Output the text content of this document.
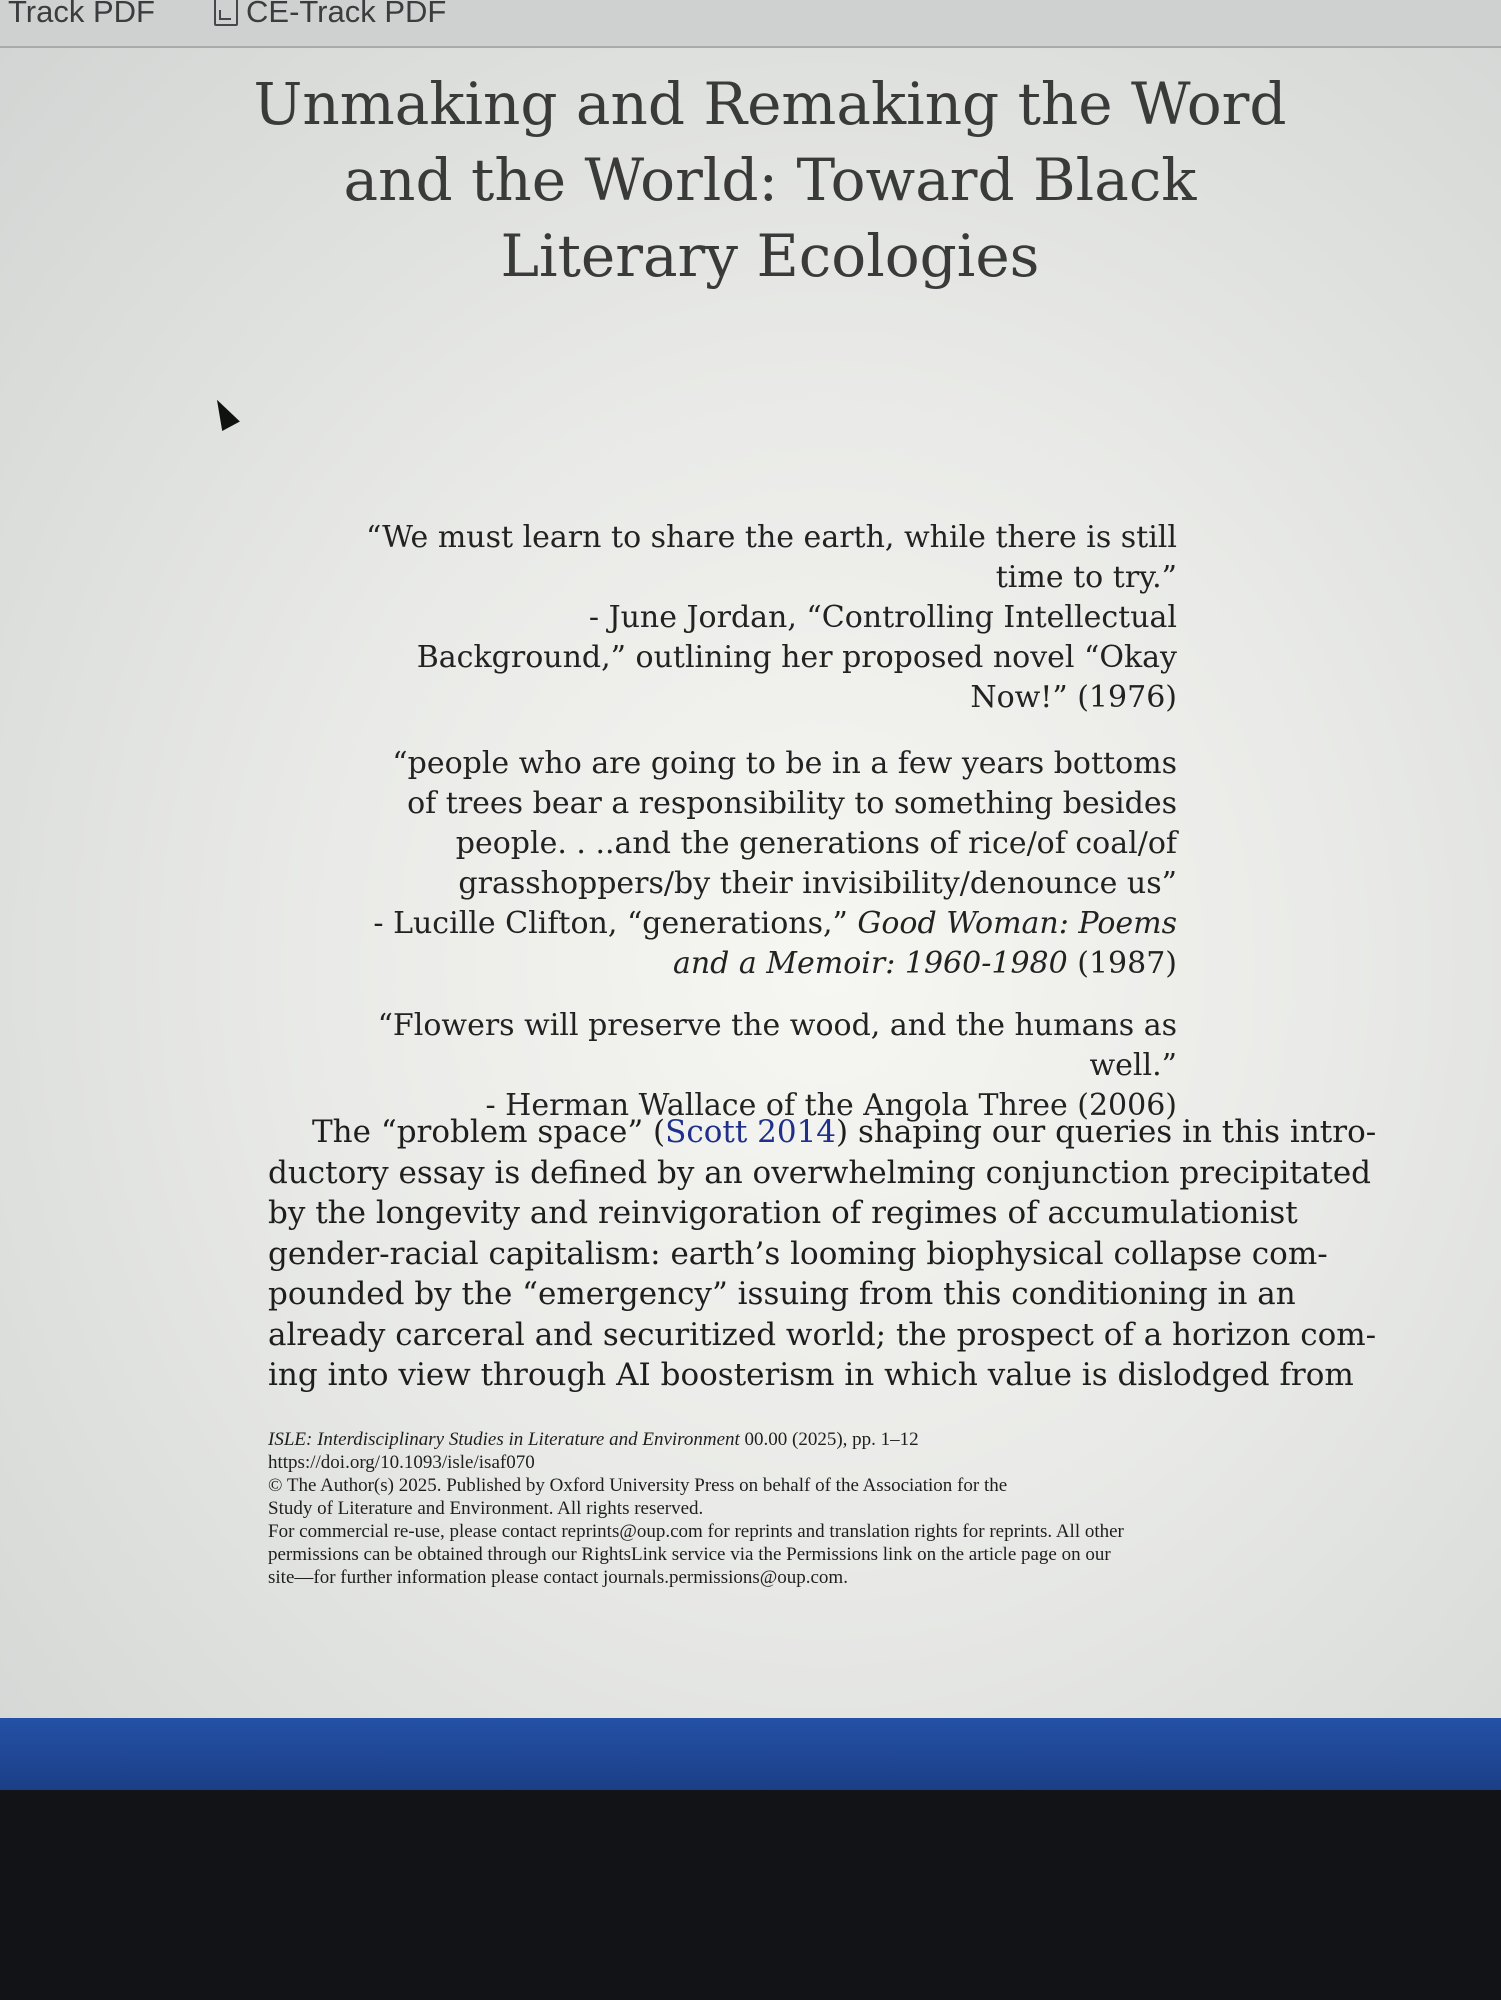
Track PDF	CE-Track PDF
Unmaking and Remaking the Word and the World: Toward Black Literary Ecologies

“We must learn to share the earth, while there is still

time to try.”

- June Jordan, “Controlling Intellectual

Background,” outlining her proposed novel “Okay

Now!” (1976)

“people who are going to be in a few years bottoms

of trees bear a responsibility to something besides

people. . ..and the generations of rice/of coal/of

grasshoppers/by their invisibility/denounce us”

- Lucille Clifton, “generations,” Good Woman: Poems

and a Memoir: 1960-1980 (1987)

“Flowers will preserve the wood, and the humans as well.”

- Herman Wallace of the Angola Three (2006)

The “problem space” (Scott 2014) shaping our queries in this intro-
ductory essay is defined by an overwhelming conjunction precipitated
by the longevity and reinvigoration of regimes of accumulationist
gender-racial capitalism: earth’s looming biophysical collapse com-
pounded by the “emergency” issuing from this conditioning in an
already carceral and securitized world; the prospect of a horizon com-
ing into view through AI boosterism in which value is dislodged from
ISLE: Interdisciplinary Studies in Literature and Environment 00.00 (2025), pp. 1–12
https://doi.org/10.1093/isle/isaf070
© The Author(s) 2025. Published by Oxford University Press on behalf of the Association for the
Study of Literature and Environment. All rights reserved.
For commercial re-use, please contact reprints@oup.com for reprints and translation rights for reprints. All other
permissions can be obtained through our RightsLink service via the Permissions link on the article page on our
site—for further information please contact journals.permissions@oup.com.
